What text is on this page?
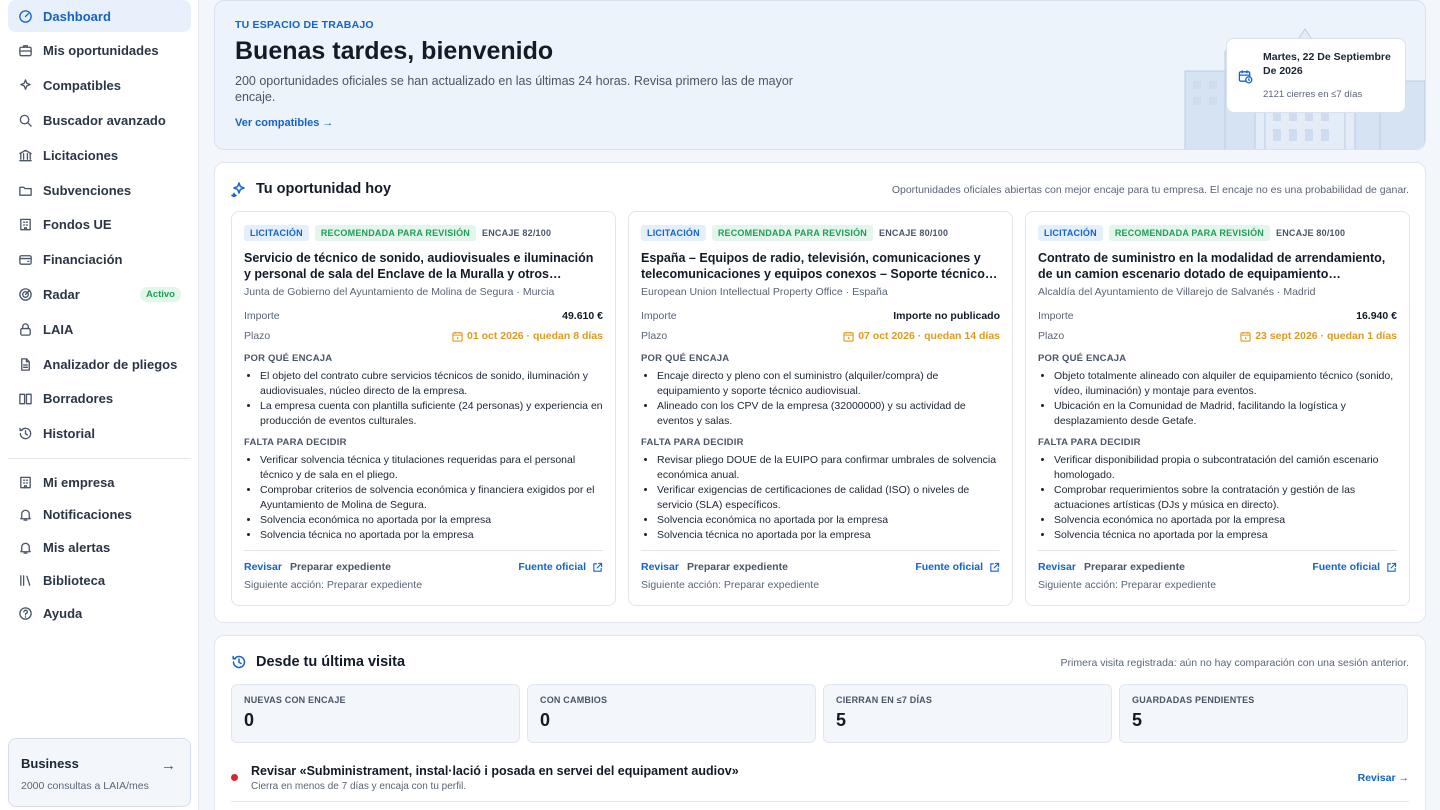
Dashboard
Mis oportunidades
Compatibles
Buscador avanzado
Licitaciones
Subvenciones
Fondos UE
Financiación
Radar	Activo
LAIA
Analizador de pliegos
Borradores
Historial
Mi empresa
Notificaciones
Mis alertas
Biblioteca
Ayuda
Business
2000 consultas a LAIA/mes
→
TU ESPACIO DE TRABAJO
Buenas tardes, bienvenido

200 oportunidades oficiales se han actualizado en las últimas 24 horas. Revisa primero las de mayor encaje.

Ver compatibles →
Martes, 22 De Septiembre De 2026
2121 cierres en ≤7 días
Tu oportunidad hoy	Oportunidades oficiales abiertas con mejor encaje para tu empresa. El encaje no es una probabilidad de ganar.
LICITACIÓN	RECOMENDADA PARA REVISIÓN	ENCAJE 82/100
Servicio de técnico de sonido, audiovisuales e iluminación y personal de sala del Enclave de la Muralla y otros
Junta de Gobierno del Ayuntamiento de Molina de Segura · Murcia
Importe	49.610 €
Plazo	01 oct 2026 · quedan 8 días
POR QUÉ ENCAJA
• El objeto del contrato cubre servicios técnicos de sonido, iluminación y audiovisuales, núcleo directo de la empresa.
• La empresa cuenta con plantilla suficiente (24 personas) y experiencia en producción de eventos culturales.
FALTA PARA DECIDIR
• Verificar solvencia técnica y titulaciones requeridas para el personal técnico y de sala en el pliego.
• Comprobar criterios de solvencia económica y financiera exigidos por el Ayuntamiento de Molina de Segura.
• Solvencia económica no aportada por la empresa
• Solvencia técnica no aportada por la empresa
Revisar Preparar expediente	Fuente oficial
Siguiente acción: Preparar expediente
LICITACIÓN	RECOMENDADA PARA REVISIÓN	ENCAJE 80/100
España – Equipos de radio, televisión, comunicaciones y telecomunicaciones y equipos conexos – Soporte técnico
European Union Intellectual Property Office · España
Importe	Importe no publicado
Plazo	07 oct 2026 · quedan 14 días
POR QUÉ ENCAJA
• Encaje directo y pleno con el suministro (alquiler/compra) de equipamiento y soporte técnico audiovisual.
• Alineado con los CPV de la empresa (32000000) y su actividad de eventos y salas.
FALTA PARA DECIDIR
• Revisar pliego DOUE de la EUIPO para confirmar umbrales de solvencia económica anual.
• Verificar exigencias de certificaciones de calidad (ISO) o niveles de servicio (SLA) específicos.
• Solvencia económica no aportada por la empresa
• Solvencia técnica no aportada por la empresa
Revisar Preparar expediente	Fuente oficial
Siguiente acción: Preparar expediente
LICITACIÓN	RECOMENDADA PARA REVISIÓN	ENCAJE 80/100
Contrato de suministro en la modalidad de arrendamiento, de un camion escenario dotado de equipamiento
Alcaldía del Ayuntamiento de Villarejo de Salvanés · Madrid
Importe	16.940 €
Plazo	23 sept 2026 · quedan 1 días
POR QUÉ ENCAJA
• Objeto totalmente alineado con alquiler de equipamiento técnico (sonido, vídeo, iluminación) y montaje para eventos.
• Ubicación en la Comunidad de Madrid, facilitando la logística y desplazamiento desde Getafe.
FALTA PARA DECIDIR
• Verificar disponibilidad propia o subcontratación del camión escenario homologado.
• Comprobar requerimientos sobre la contratación y gestión de las actuaciones artísticas (DJs y música en directo).
• Solvencia económica no aportada por la empresa
• Solvencia técnica no aportada por la empresa
Revisar Preparar expediente	Fuente oficial
Siguiente acción: Preparar expediente
Desde tu última visita	Primera visita registrada: aún no hay comparación con una sesión anterior.
NUEVAS CON ENCAJE
0
CON CAMBIOS
0
CIERRAN EN ≤7 DÍAS
5
GUARDADAS PENDIENTES
5
Revisar «Subministrament, instal·lació i posada en servei del equipament audiov»
Cierra en menos de 7 días y encaja con tu perfil.
Revisar →
